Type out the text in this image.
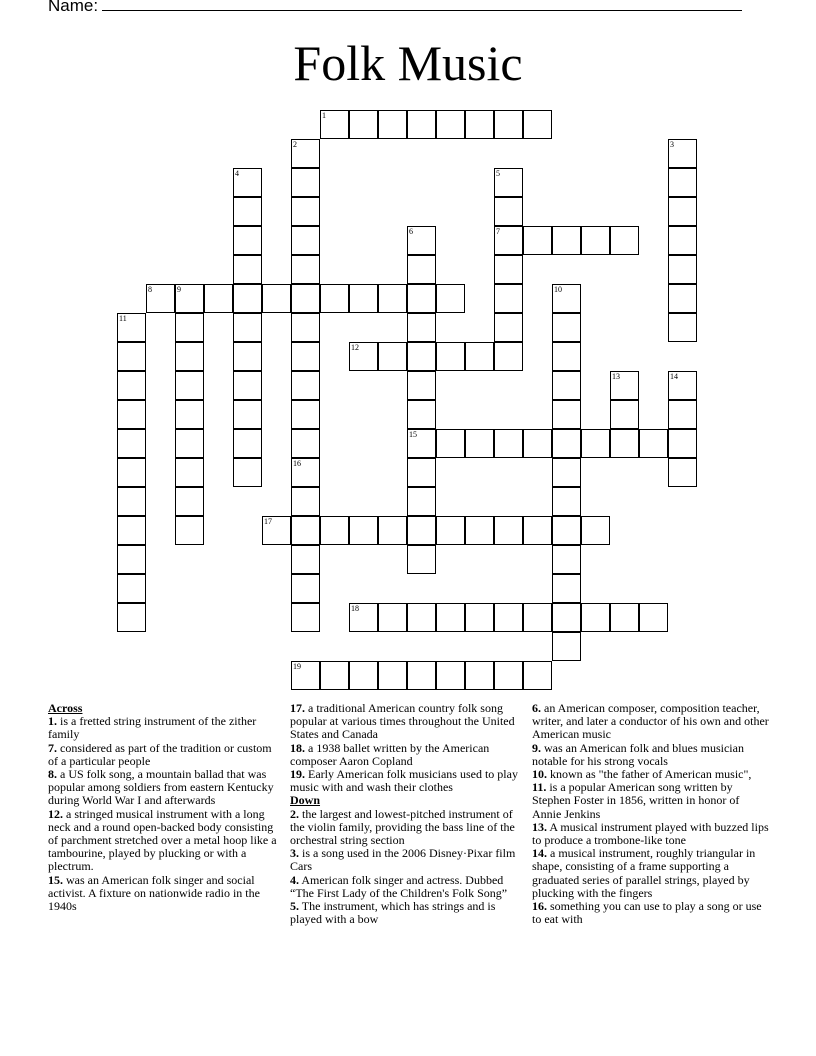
Name:
Folk Music
1
7
8	9
12
15
17
18
19
2	3
4	5
6
10
11
13	14
16
Across
1. is a fretted string instrument of the zither family
7. considered as part of the tradition or custom of a particular people
8. a US folk song, a mountain ballad that was popular among soldiers from eastern Kentucky during World War I and afterwards
12. a stringed musical instrument with a long neck and a round open-backed body consisting of parchment stretched over a metal hoop like a tambourine, played by plucking or with a plectrum.
15. was an American folk singer and social activist. A fixture on nationwide radio in the 1940s
17. a traditional American country folk song popular at various times throughout the United States and Canada
18. a 1938 ballet written by the American composer Aaron Copland
19. Early American folk musicians used to play music with and wash their clothes
Down
2. the largest and lowest-pitched instrument of the violin family, providing the bass line of the orchestral string section
3. is a song used in the 2006 Disney·Pixar film Cars
4. American folk singer and actress. Dubbed “The First Lady of the Children's Folk Song”
5. The instrument, which has strings and is played with a bow
6. an American composer, composition teacher, writer, and later a conductor of his own and other American music
9. was an American folk and blues musician notable for his strong vocals
10. known as "the father of American music",
11. is a popular American song written by Stephen Foster in 1856, written in honor of Annie Jenkins
13. A musical instrument played with buzzed lips to produce a trombone-like tone
14. a musical instrument, roughly triangular in shape, consisting of a frame supporting a graduated series of parallel strings, played by plucking with the fingers
16. something you can use to play a song or use to eat with
